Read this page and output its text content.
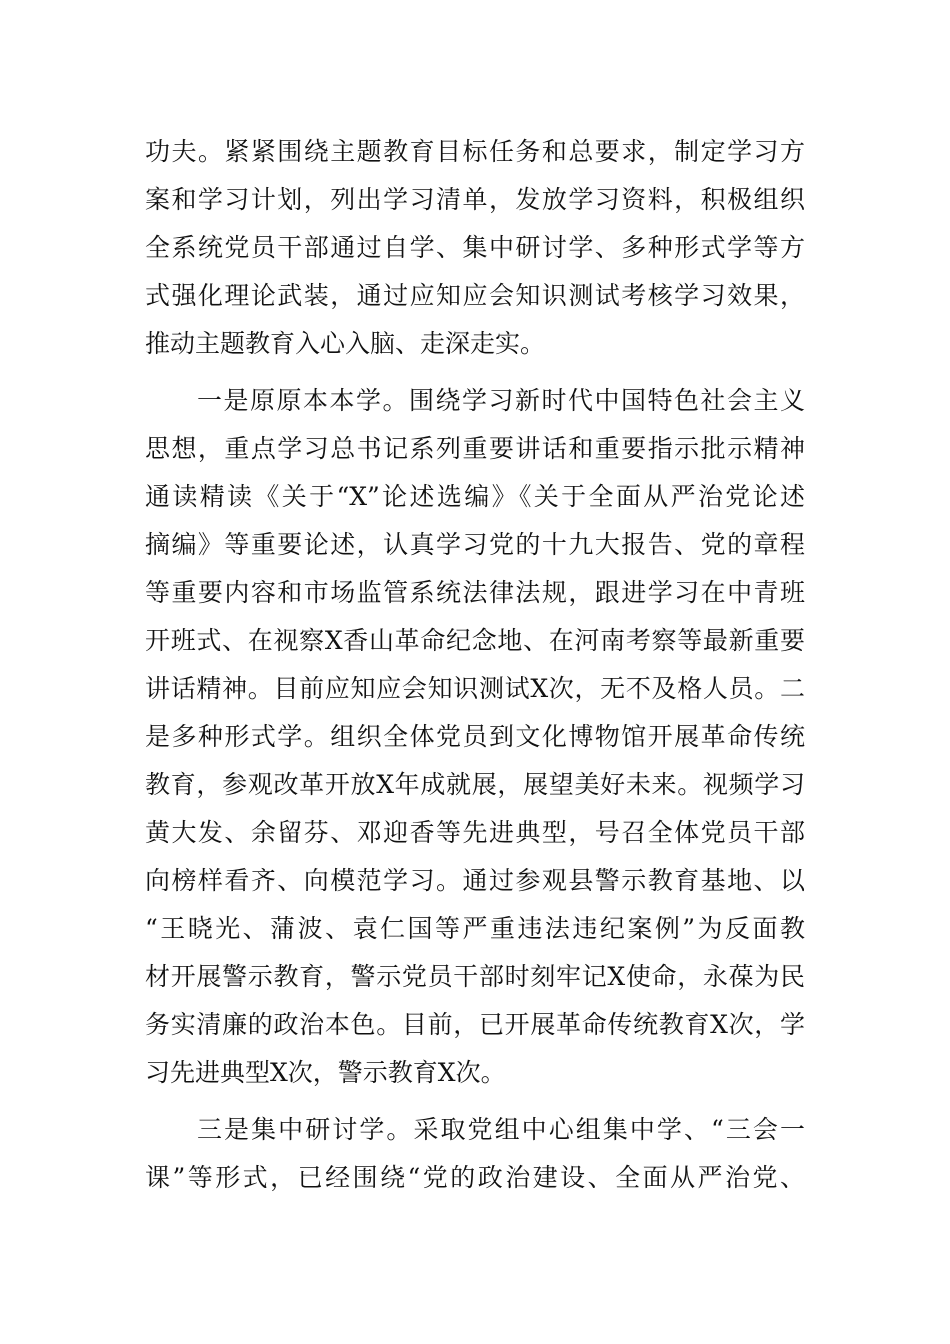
功夫。紧紧围绕主题教育目标任务和总要求，制定学习方
案和学习计划，列出学习清单，发放学习资料，积极组织
全系统党员干部通过自学、集中研讨学、多种形式学等方
式强化理论武装，通过应知应会知识测试考核学习效果，
推动主题教育入心入脑、走深走实。
一是原原本本学。围绕学习新时代中国特色社会主义
思想，重点学习总书记系列重要讲话和重要指示批示精神
通读精读《关于“X”论述选编》《关于全面从严治党论述
摘编》等重要论述，认真学习党的十九大报告、党的章程
等重要内容和市场监管系统法律法规，跟进学习在中青班
开班式、在视察X香山革命纪念地、在河南考察等最新重要
讲话精神。目前应知应会知识测试X次，无不及格人员。二
是多种形式学。组织全体党员到文化博物馆开展革命传统
教育，参观改革开放X年成就展，展望美好未来。视频学习
黄大发、余留芬、邓迎香等先进典型，号召全体党员干部
向榜样看齐、向模范学习。通过参观县警示教育基地、以
“王晓光、蒲波、袁仁国等严重违法违纪案例”为反面教
材开展警示教育，警示党员干部时刻牢记X使命，永葆为民
务实清廉的政治本色。目前，已开展革命传统教育X次，学
习先进典型X次，警示教育X次。
三是集中研讨学。采取党组中心组集中学、“三会一
课”等形式，已经围绕“党的政治建设、全面从严治党、
